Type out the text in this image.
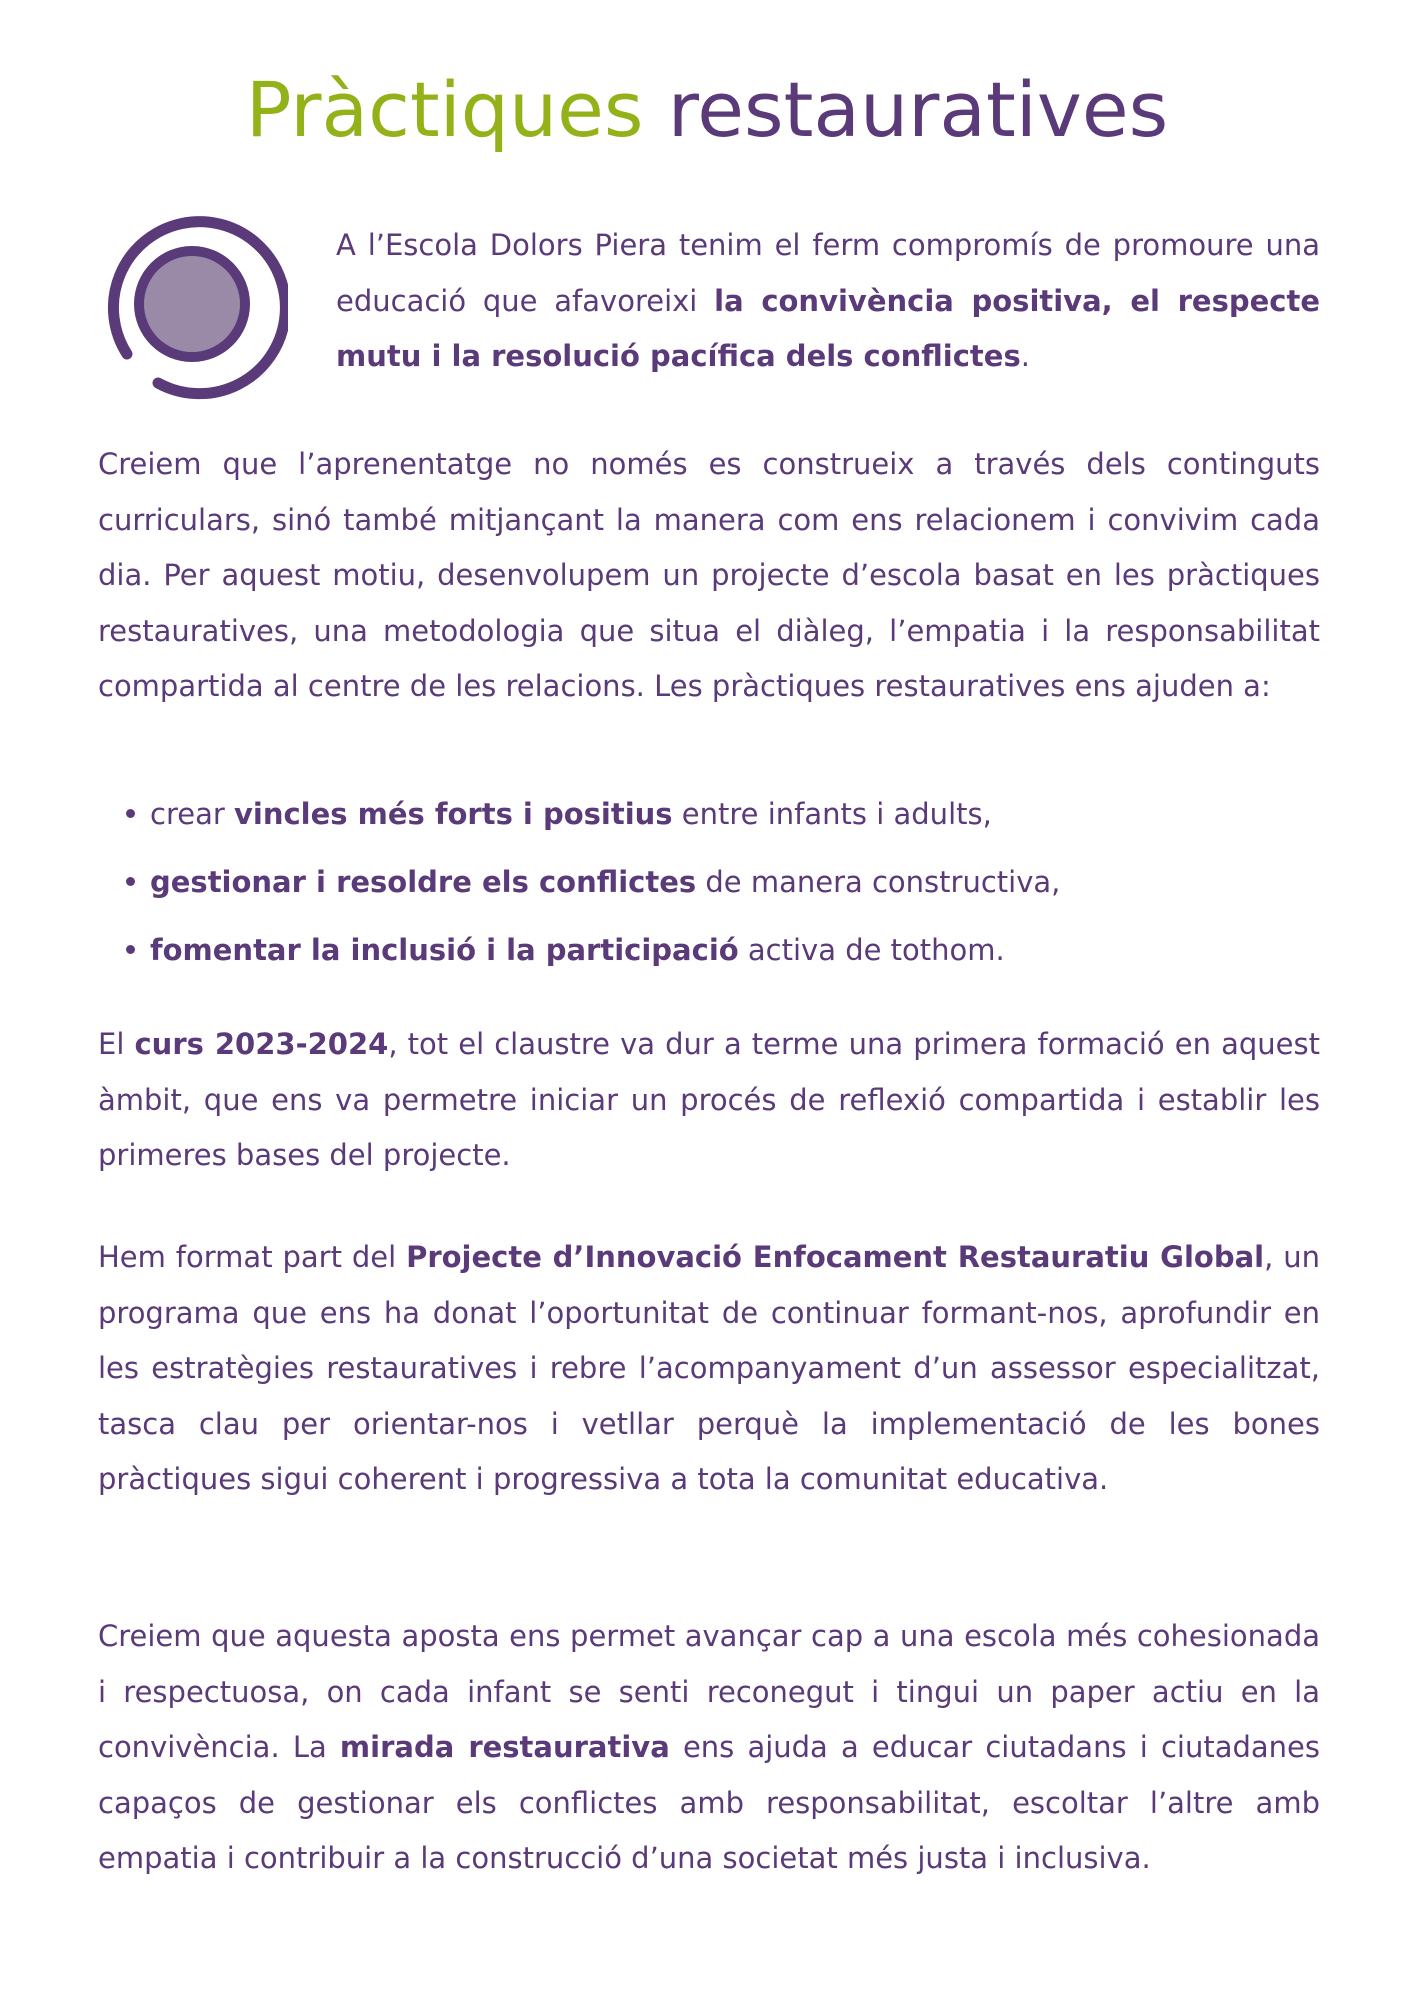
Pràctiques restauratives
A l’Escola Dolors Piera tenim el ferm compromís de promoure una educació que afavoreixi la convivència positiva, el respecte mutu i la resolució pacífica dels conflictes.
Creiem que l’aprenentatge no només es construeix a través dels continguts curriculars, sinó també mitjançant la manera com ens relacionem i convivim cada dia. Per aquest motiu, desenvolupem un projecte d’escola basat en les pràctiques restauratives, una metodologia que situa el diàleg, l’empatia i la responsabilitat compartida al centre de les relacions. Les pràctiques restauratives ens ajuden a:
crear vincles més forts i positius entre infants i adults,
gestionar i resoldre els conflictes de manera constructiva,
fomentar la inclusió i la participació activa de tothom.
El curs 2023-2024, tot el claustre va dur a terme una primera formació en aquest àmbit, que ens va permetre iniciar un procés de reflexió compartida i establir les primeres bases del projecte.
Hem format part del Projecte d’Innovació Enfocament Restauratiu Global, un programa que ens ha donat l’oportunitat de continuar formant-nos, aprofundir en les estratègies restauratives i rebre l’acompanyament d’un assessor especialitzat, tasca clau per orientar-nos i vetllar perquè la implementació de les bones pràctiques sigui coherent i progressiva a tota la comunitat educativa.
Creiem que aquesta aposta ens permet avançar cap a una escola més cohesionada i respectuosa, on cada infant se senti reconegut i tingui un paper actiu en la convivència. La mirada restaurativa ens ajuda a educar ciutadans i ciutadanes capaços de gestionar els conflictes amb responsabilitat, escoltar l’altre amb empatia i contribuir a la construcció d’una societat més justa i inclusiva.
